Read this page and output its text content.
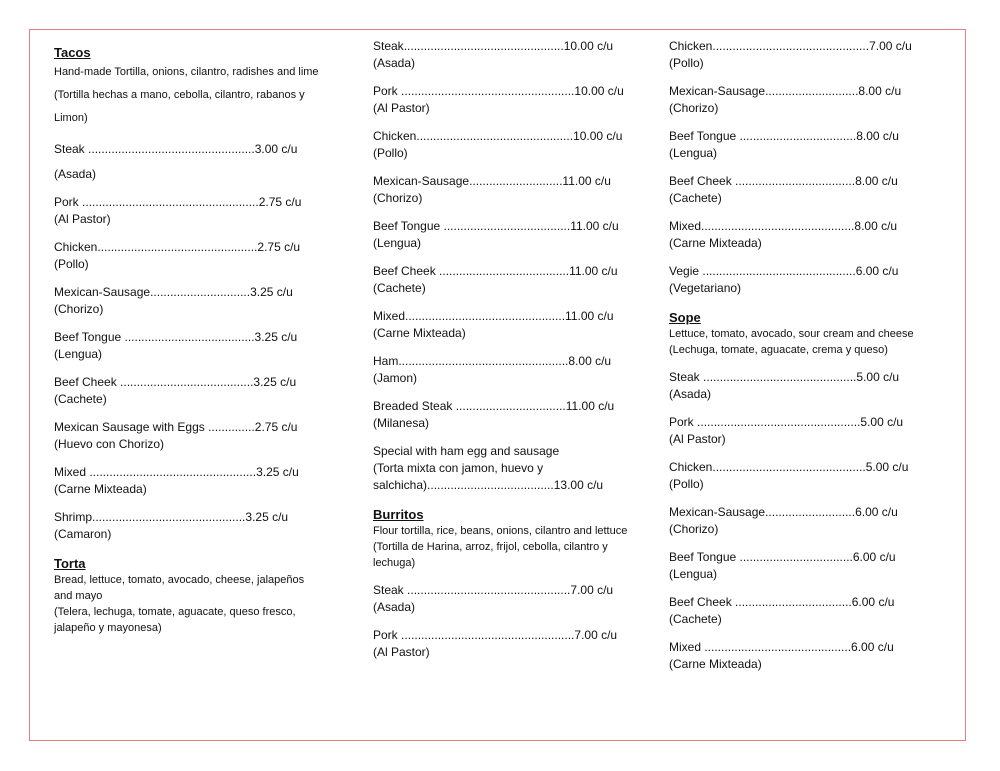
Tacos
Hand-made Tortilla, onions, cilantro, radishes and lime
(Tortilla hechas a mano, cebolla, cilantro, rabanos y Limon)
Steak ..................................................3.00 c/u
(Asada)
Pork .....................................................2.75 c/u
(Al Pastor)
Chicken................................................2.75 c/u
(Pollo)
Mexican-Sausage..............................3.25 c/u
(Chorizo)
Beef Tongue .......................................3.25 c/u
(Lengua)
Beef Cheek ........................................3.25 c/u
(Cachete)
Mexican Sausage with Eggs ..............2.75 c/u
(Huevo con Chorizo)
Mixed ..................................................3.25 c/u
(Carne Mixteada)
Shrimp..............................................3.25 c/u
(Camaron)
Torta
Bread, lettuce, tomato, avocado, cheese, jalapeños and mayo
(Telera, lechuga, tomate, aguacate, queso fresco, jalapeño y mayonesa)
Steak................................................10.00 c/u
(Asada)
Pork ....................................................10.00 c/u
(Al Pastor)
Chicken...............................................10.00 c/u
(Pollo)
Mexican-Sausage............................11.00 c/u
(Chorizo)
Beef Tongue ......................................11.00 c/u
(Lengua)
Beef Cheek .......................................11.00 c/u
(Cachete)
Mixed................................................11.00 c/u
(Carne Mixteada)
Ham...................................................8.00 c/u
(Jamon)
Breaded Steak .................................11.00 c/u
(Milanesa)
Special with ham egg and sausage
(Torta mixta con jamon, huevo y salchicha)......................................13.00 c/u
Burritos
Flour tortilla, rice, beans, onions, cilantro and lettuce
(Tortilla de Harina, arroz, frijol, cebolla, cilantro y lechuga)
Steak .................................................7.00 c/u
(Asada)
Pork ....................................................7.00 c/u
(Al Pastor)
Chicken...............................................7.00 c/u
(Pollo)
Mexican-Sausage............................8.00 c/u
(Chorizo)
Beef Tongue ...................................8.00 c/u
(Lengua)
Beef Cheek ....................................8.00 c/u
(Cachete)
Mixed..............................................8.00 c/u
(Carne Mixteada)
Vegie ..............................................6.00 c/u
(Vegetariano)
Sope
Lettuce, tomato, avocado, sour cream and cheese
(Lechuga, tomate, aguacate, crema y queso)
Steak ..............................................5.00 c/u
(Asada)
Pork .................................................5.00 c/u
(Al Pastor)
Chicken..............................................5.00 c/u
(Pollo)
Mexican-Sausage...........................6.00 c/u
(Chorizo)
Beef Tongue ..................................6.00 c/u
(Lengua)
Beef Cheek ...................................6.00 c/u
(Cachete)
Mixed ............................................6.00 c/u
(Carne Mixteada)
